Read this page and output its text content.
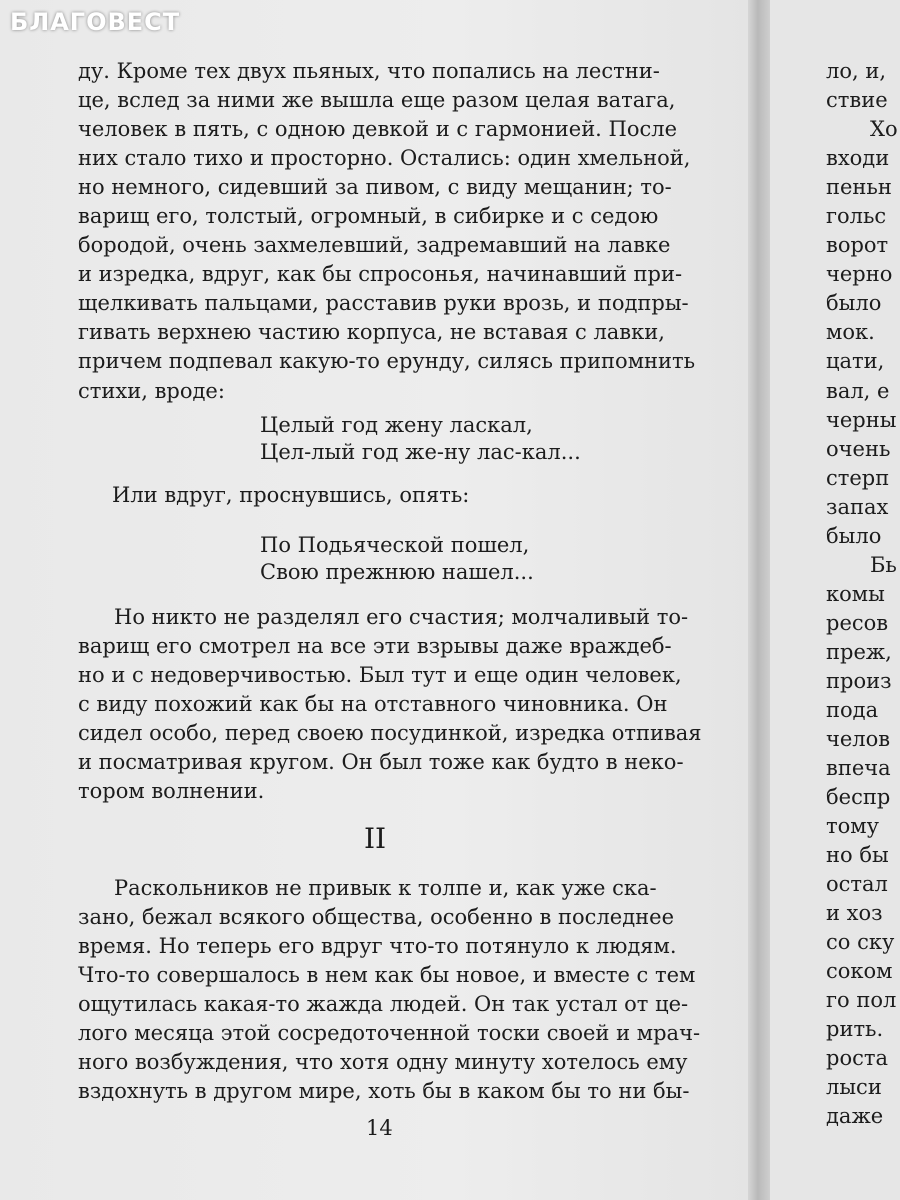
БЛАГОВЕСТ
ду. Кроме тех двух пьяных, что попались на лестни-
це, вслед за ними же вышла еще разом целая ватага,
человек в пять, с одною девкой и с гармонией. После
них стало тихо и просторно. Остались: один хмельной,
но немного, сидевший за пивом, с виду мещанин; то-
варищ его, толстый, огромный, в сибирке и с седою
бородой, очень захмелевший, задремавший на лавке
и изредка, вдруг, как бы спросонья, начинавший при-
щелкивать пальцами, расставив руки врозь, и подпры-
гивать верхнею частию корпуса, не вставая с лавки,
причем подпевал какую-то ерунду, силясь припомнить
стихи, вроде:
Целый год жену ласкал,
Цел-лый год же-ну лас-кал...
Или вдруг, проснувшись, опять:
По Подьяческой пошел,
Свою прежнюю нашел...
Но никто не разделял его счастия; молчаливый то-
варищ его смотрел на все эти взрывы даже враждеб-
но и с недоверчивостью. Был тут и еще один человек,
с виду похожий как бы на отставного чиновника. Он
сидел особо, перед своею посудинкой, изредка отпивая
и посматривая кругом. Он был тоже как будто в неко-
тором волнении.
II
Раскольников не привык к толпе и, как уже ска-
зано, бежал всякого общества, особенно в последнее
время. Но теперь его вдруг что-то потянуло к людям.
Что-то совершалось в нем как бы новое, и вместе с тем
ощутилась какая-то жажда людей. Он так устал от це-
лого месяца этой сосредоточенной тоски своей и мрач-
ного возбуждения, что хотя одну минуту хотелось ему
вздохнуть в другом мире, хоть бы в каком бы то ни бы-
14
ло, и,
ствие
Хо
входи
пеньн
гольс
ворот
черно
было
мок.
цати,
вал, е
черны
очень
стерп
запах
было
Бь
комы
ресов
преж,
произ
пода
челов
впеча
беспр
тому
но бы
остал
и хоз
со ску
соком
го пол
рить.
роста
лыси
даже
